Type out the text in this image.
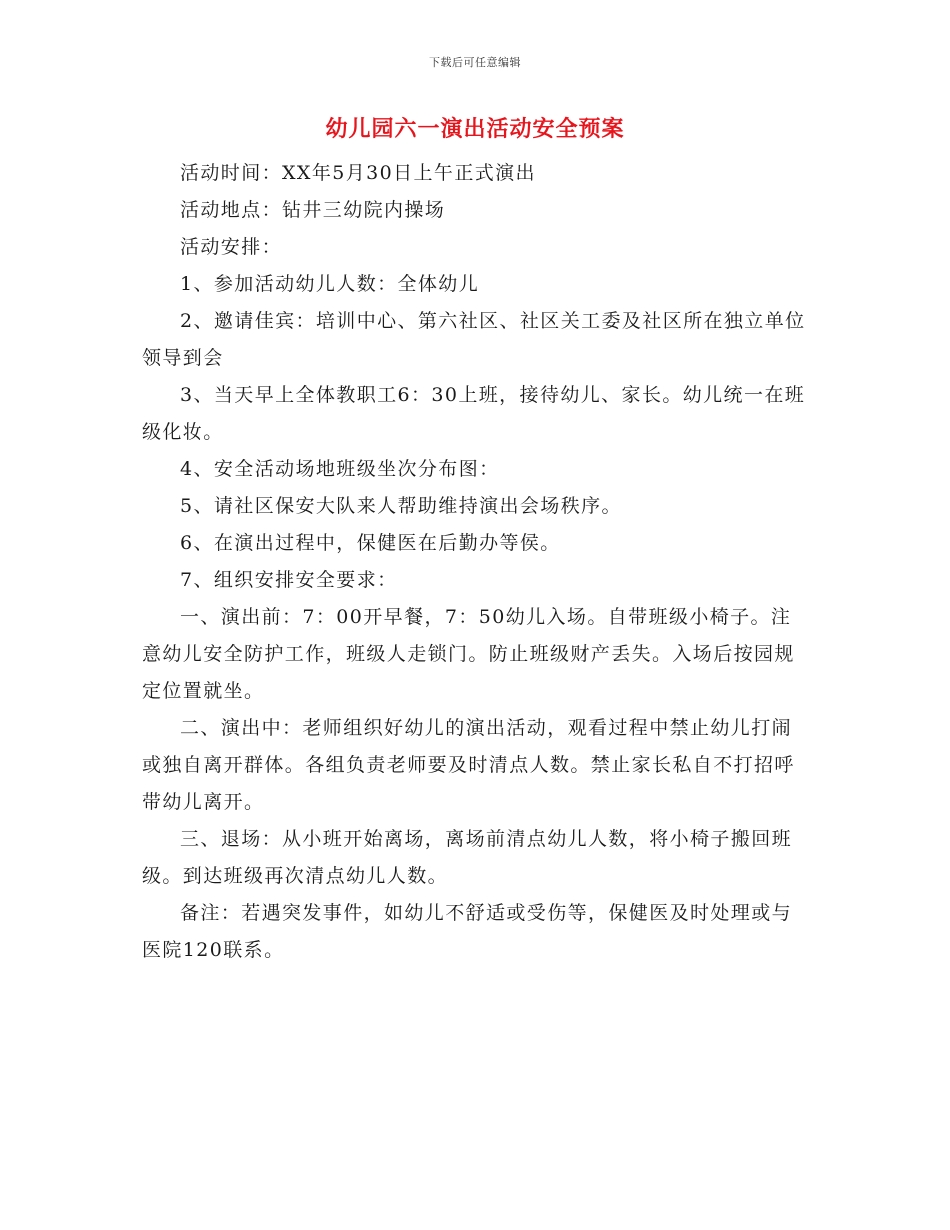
下载后可任意编辑
幼儿园六一演出活动安全预案

活动时间：XX年5月30日上午正式演出

活动地点：钻井三幼院内操场

活动安排：

1、参加活动幼儿人数：全体幼儿

2、邀请佳宾：培训中心、第六社区、社区关工委及社区所在独立单位领导到会

3、当天早上全体教职工6：30上班，接待幼儿、家长。幼儿统一在班级化妆。

4、安全活动场地班级坐次分布图：

5、请社区保安大队来人帮助维持演出会场秩序。

6、在演出过程中，保健医在后勤办等侯。

7、组织安排安全要求：

一、演出前：7：00开早餐，7：50幼儿入场。自带班级小椅子。注意幼儿安全防护工作，班级人走锁门。防止班级财产丢失。入场后按园规定位置就坐。

二、演出中：老师组织好幼儿的演出活动，观看过程中禁止幼儿打闹或独自离开群体。各组负责老师要及时清点人数。禁止家长私自不打招呼带幼儿离开。

三、退场：从小班开始离场，离场前清点幼儿人数，将小椅子搬回班级。到达班级再次清点幼儿人数。

备注：若遇突发事件，如幼儿不舒适或受伤等，保健医及时处理或与医院120联系。
